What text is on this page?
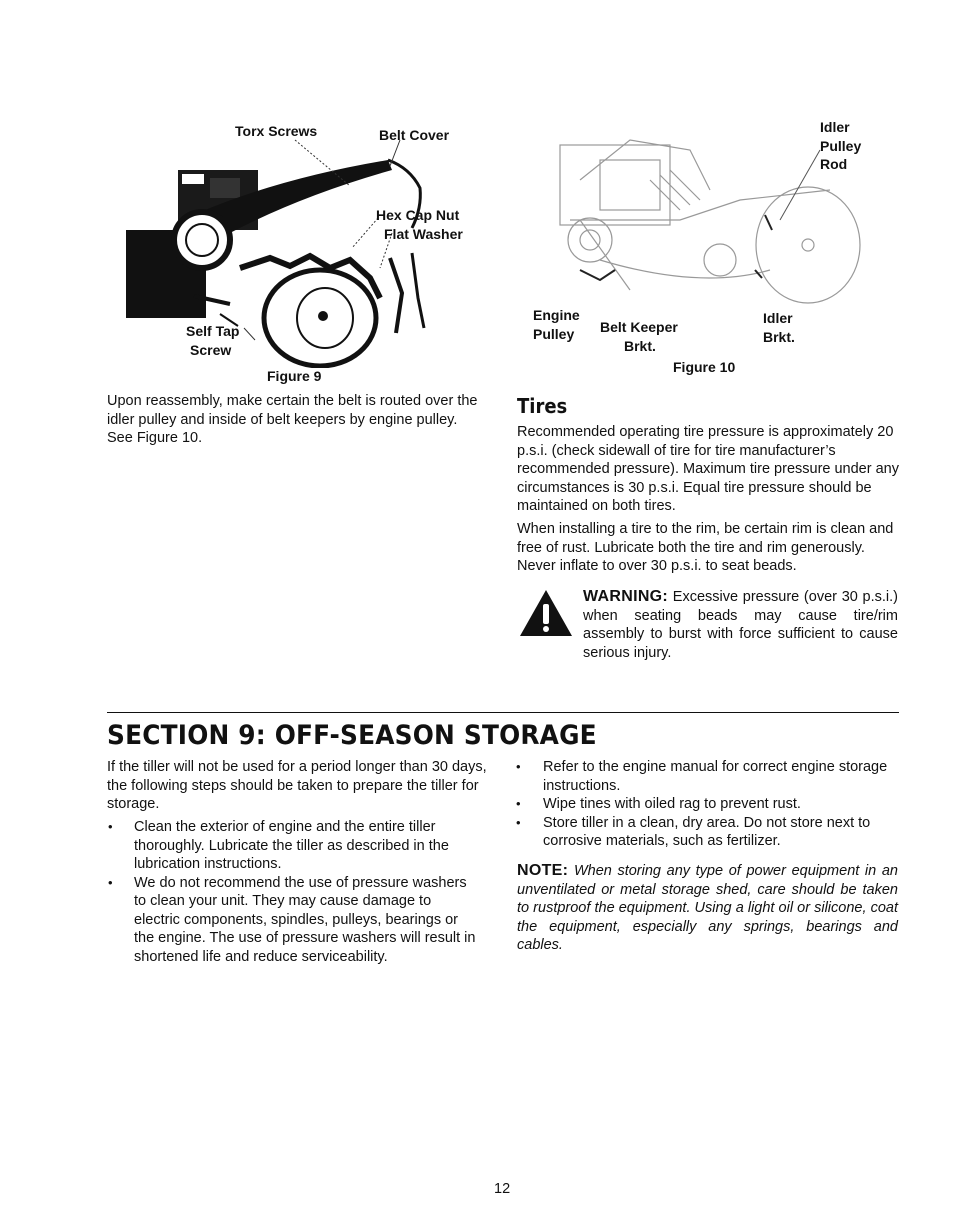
Torx Screws	Belt Cover
Hex Cap Nut
Flat Washer
Self Tap
Screw
Figure 9
Upon reassembly, make certain the belt is routed over the idler pulley and inside of belt keepers by engine pulley. See Figure 10.
Idler
Pulley
Rod
Engine
Pulley Belt Keeper
Brkt.
Idler
Brkt.
Figure 10
Tires
Recommended operating tire pressure is approximately 20 p.s.i. (check sidewall of tire for tire manufacturer’s recommended pressure). Maximum tire pressure under any circumstances is 30 p.s.i. Equal tire pressure should be maintained on both tires.
When installing a tire to the rim, be certain rim is clean and free of rust. Lubricate both the tire and rim generously. Never inflate to over 30 p.s.i. to seat beads.
WARNING: Excessive pressure (over 30 p.s.i.) when seating beads may cause tire/rim assembly to burst with force sufficient to cause serious injury.
SECTION 9: OFF-SEASON STORAGE
If the tiller will not be used for a period longer than 30 days, the following steps should be taken to prepare the tiller for storage.
• Clean the exterior of engine and the entire tiller thoroughly. Lubricate the tiller as described in the lubrication instructions.
• We do not recommend the use of pressure washers to clean your unit. They may cause damage to electric components, spindles, pulleys, bearings or the engine. The use of pressure washers will result in shortened life and reduce serviceability.
• Refer to the engine manual for correct engine storage instructions.
• Wipe tines with oiled rag to prevent rust.
• Store tiller in a clean, dry area. Do not store next to corrosive materials, such as fertilizer.
NOTE: When storing any type of power equipment in an unventilated or metal storage shed, care should be taken to rustproof the equipment. Using a light oil or silicone, coat the equipment, especially any springs, bearings and cables.
12
